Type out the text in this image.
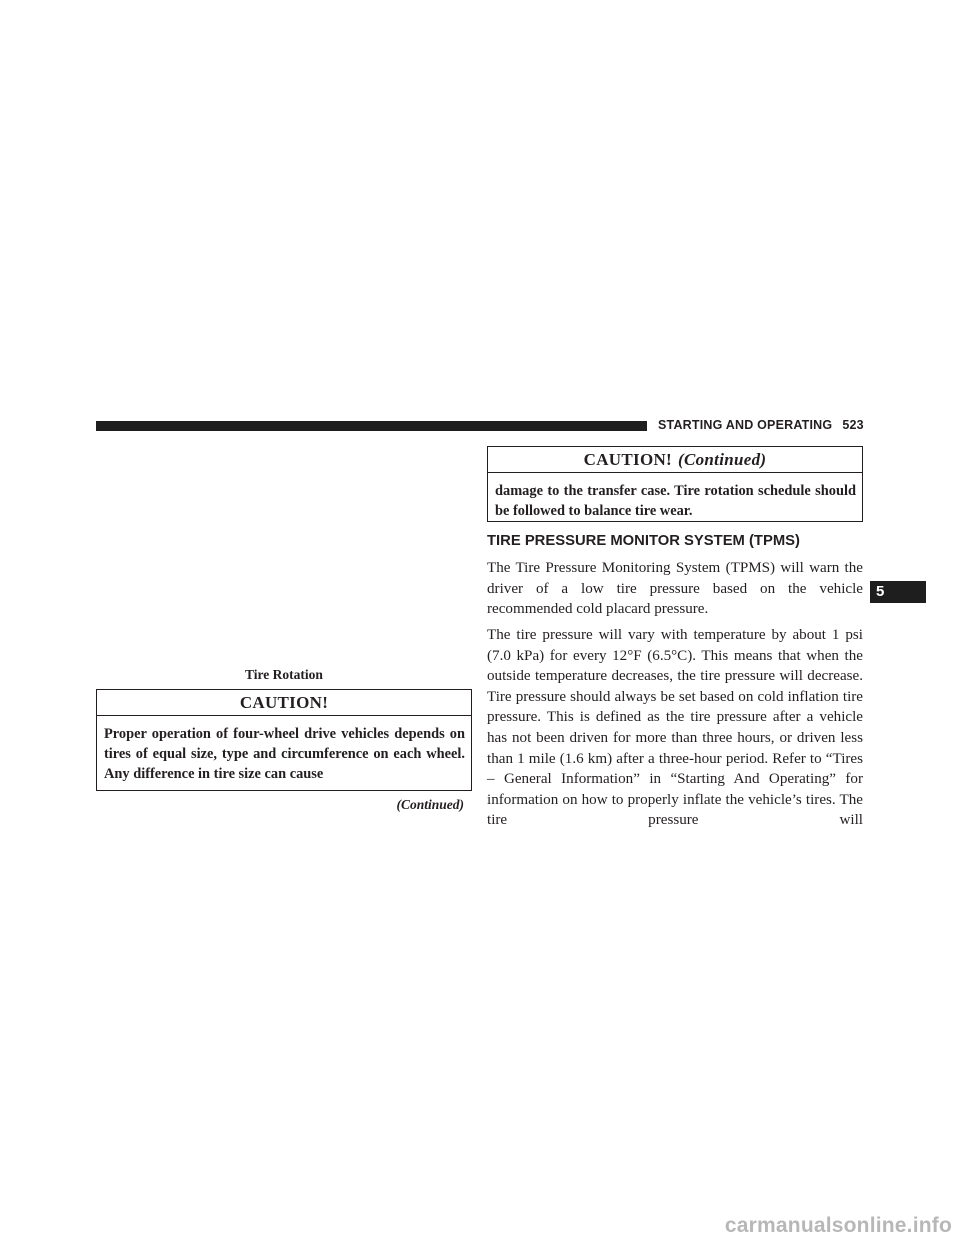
STARTING AND OPERATING 523
Tire Rotation
CAUTION!
Proper operation of four-wheel drive vehicles depends on tires of equal size, type and circumference on each wheel. Any difference in tire size can cause
(Continued)
CAUTION! (Continued)
damage to the transfer case. Tire rotation schedule should be followed to balance tire wear.
TIRE PRESSURE MONITOR SYSTEM (TPMS)

The Tire Pressure Monitoring System (TPMS) will warn the driver of a low tire pressure based on the vehicle recommended cold placard pressure.

The tire pressure will vary with temperature by about 1 psi (7.0 kPa) for every 12°F (6.5°C). This means that when the outside temperature decreases, the tire pressure will decrease. Tire pressure should always be set based on cold inflation tire pressure. This is defined as the tire pressure after a vehicle has not been driven for more than three hours, or driven less than 1 mile (1.6 km) after a three-hour period. Refer to “Tires – General Information” in “Starting And Operating” for information on how to properly inflate the vehicle’s tires. The tire pressure will

5
carmanualsonline.info
